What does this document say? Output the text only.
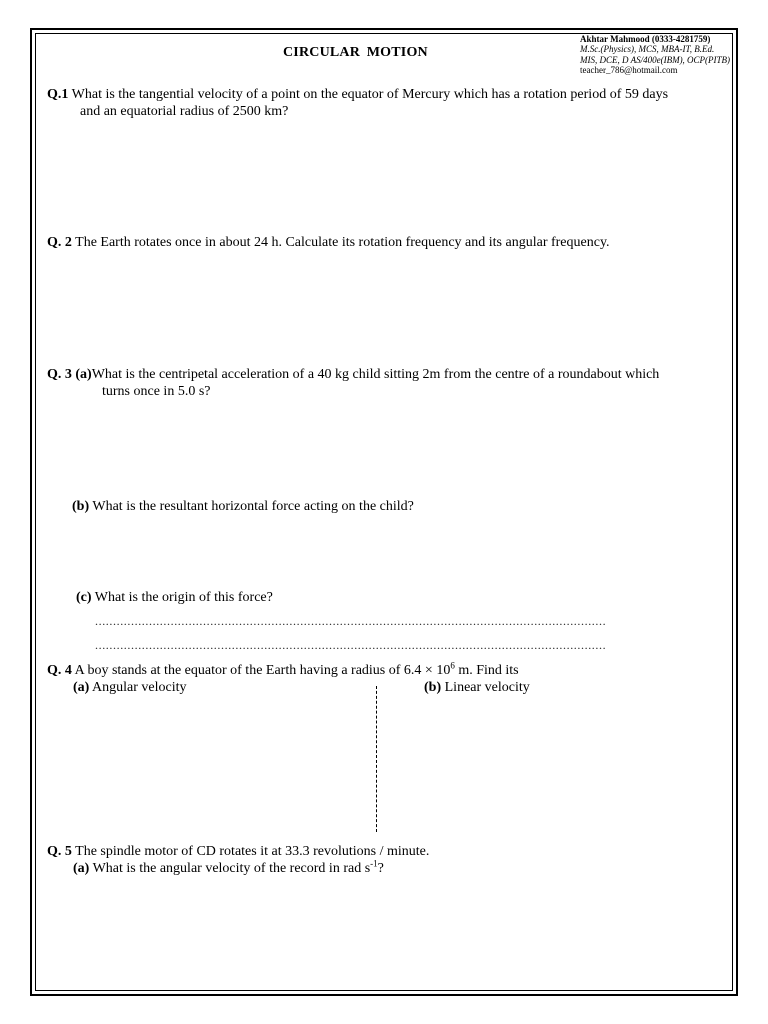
CIRCULAR MOTION
Akhtar Mahmood (0333-4281759)
M.Sc.(Physics), MCS, MBA-IT, B.Ed.
MIS, DCE, D AS/400e(IBM), OCP(PITB)
teacher_786@hotmail.com
Q.1 What is the tangential velocity of a point on the equator of Mercury which has a rotation period of 59 days
and an equatorial radius of 2500 km?
Q. 2 The Earth rotates once in about 24 h. Calculate its rotation frequency and its angular frequency.
Q. 3 (a)What is the centripetal acceleration of a 40 kg child sitting 2m from the centre of a roundabout which
turns once in 5.0 s?
(b) What is the resultant horizontal force acting on the child?
(c) What is the origin of this force?
..............................................................................................................................................
..............................................................................................................................................
Q. 4 A boy stands at the equator of the Earth having a radius of $6.4 \times 10^6$ m. Find its
(a) Angular velocity	(b) Linear velocity
Q. 5 The spindle motor of CD rotates it at 33.3 revolutions / minute.
(a) What is the angular velocity of the record in rad $s^{-1}$?
